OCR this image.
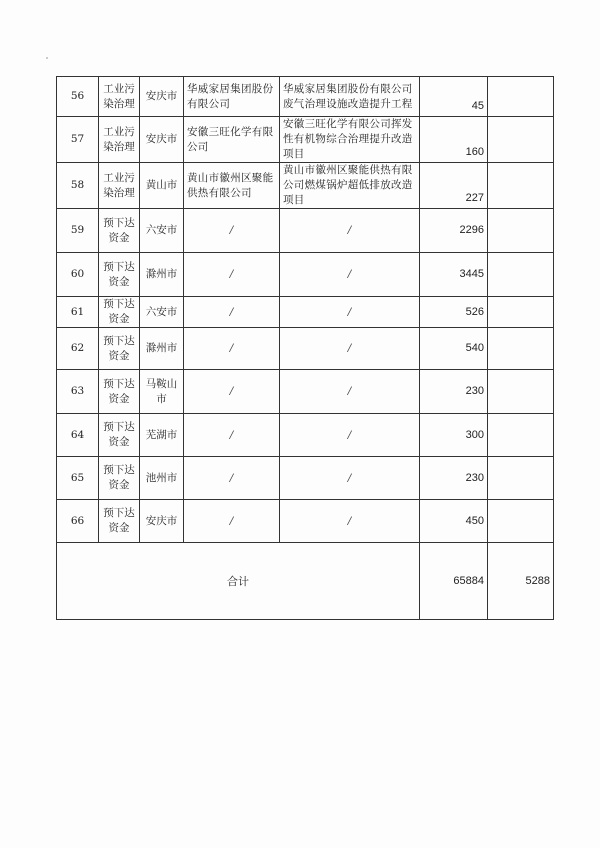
56	工业污染治理	安庆市	华威家居集团股份有限公司	华威家居集团股份有限公司废气治理设施改造提升工程	45	
57	工业污染治理	安庆市	安徽三旺化学有限公司	安徽三旺化学有限公司挥发性有机物综合治理提升改造项目	160	
58	工业污染治理	黄山市	黄山市徽州区聚能供热有限公司	黄山市徽州区聚能供热有限公司燃煤锅炉超低排放改造项目	227	
59	预下达资金	六安市	/	/	2296	
60	预下达资金	滁州市	/	/	3445	
61	预下达资金	六安市	/	/	526	
62	预下达资金	滁州市	/	/	540	
63	预下达资金	马鞍山市	/	/	230	
64	预下达资金	芜湖市	/	/	300	
65	预下达资金	池州市	/	/	230	
66	预下达资金	安庆市	/	/	450	
合计					65884	5288
